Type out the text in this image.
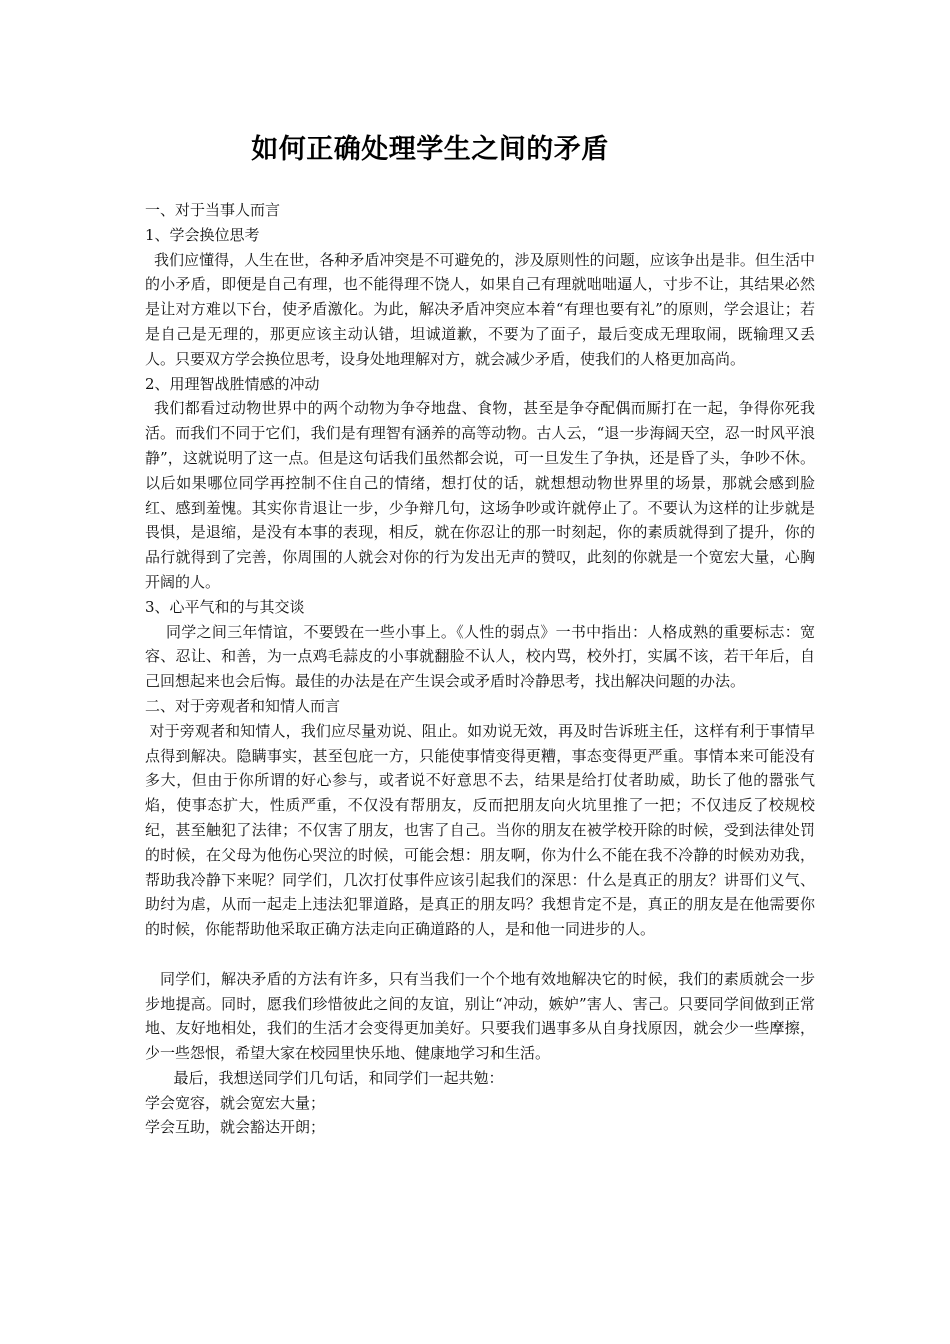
如何正确处理学生之间的矛盾

一、对于当事人而言

1、学会换位思考

我们应懂得，人生在世，各种矛盾冲突是不可避免的，涉及原则性的问题，应该争出是非。但生活中的小矛盾，即便是自己有理，也不能得理不饶人，如果自己有理就咄咄逼人，寸步不让，其结果必然是让对方难以下台，使矛盾激化。为此，解决矛盾冲突应本着“有理也要有礼”的原则，学会退让；若是自己是无理的，那更应该主动认错，坦诚道歉，不要为了面子，最后变成无理取闹，既输理又丢人。只要双方学会换位思考，设身处地理解对方，就会减少矛盾，使我们的人格更加高尚。

2、用理智战胜情感的冲动

我们都看过动物世界中的两个动物为争夺地盘、食物，甚至是争夺配偶而厮打在一起，争得你死我活。而我们不同于它们，我们是有理智有涵养的高等动物。古人云，“退一步海阔天空，忍一时风平浪静”，这就说明了这一点。但是这句话我们虽然都会说，可一旦发生了争执，还是昏了头，争吵不休。以后如果哪位同学再控制不住自己的情绪，想打仗的话，就想想动物世界里的场景，那就会感到脸红、感到羞愧。其实你肯退让一步，少争辩几句，这场争吵或许就停止了。不要认为这样的让步就是畏惧，是退缩，是没有本事的表现，相反，就在你忍让的那一时刻起，你的素质就得到了提升，你的品行就得到了完善，你周围的人就会对你的行为发出无声的赞叹，此刻的你就是一个宽宏大量，心胸开阔的人。

3、心平气和的与其交谈

同学之间三年情谊，不要毁在一些小事上。《人性的弱点》一书中指出：人格成熟的重要标志：宽容、忍让、和善，为一点鸡毛蒜皮的小事就翻脸不认人，校内骂，校外打，实属不该，若干年后，自己回想起来也会后悔。最佳的办法是在产生误会或矛盾时冷静思考，找出解决问题的办法。

二、对于旁观者和知情人而言

对于旁观者和知情人，我们应尽量劝说、阻止。如劝说无效，再及时告诉班主任，这样有利于事情早点得到解决。隐瞒事实，甚至包庇一方，只能使事情变得更糟，事态变得更严重。事情本来可能没有多大，但由于你所谓的好心参与，或者说不好意思不去，结果是给打仗者助威，助长了他的嚣张气焰，使事态扩大，性质严重，不仅没有帮朋友，反而把朋友向火坑里推了一把；不仅违反了校规校纪，甚至触犯了法律；不仅害了朋友，也害了自己。当你的朋友在被学校开除的时候，受到法律处罚的时候，在父母为他伤心哭泣的时候，可能会想：朋友啊，你为什么不能在我不冷静的时候劝劝我，帮助我冷静下来呢？同学们，几次打仗事件应该引起我们的深思：什么是真正的朋友？讲哥们义气、助纣为虐，从而一起走上违法犯罪道路，是真正的朋友吗？我想肯定不是，真正的朋友是在他需要你的时候，你能帮助他采取正确方法走向正确道路的人，是和他一同进步的人。

同学们，解决矛盾的方法有许多，只有当我们一个个地有效地解决它的时候，我们的素质就会一步步地提高。同时，愿我们珍惜彼此之间的友谊，别让“冲动，嫉妒”害人、害己。只要同学间做到正常地、友好地相处，我们的生活才会变得更加美好。只要我们遇事多从自身找原因，就会少一些摩擦，少一些怨恨，希望大家在校园里快乐地、健康地学习和生活。

最后，我想送同学们几句话，和同学们一起共勉：

学会宽容，就会宽宏大量；

学会互助，就会豁达开朗；
